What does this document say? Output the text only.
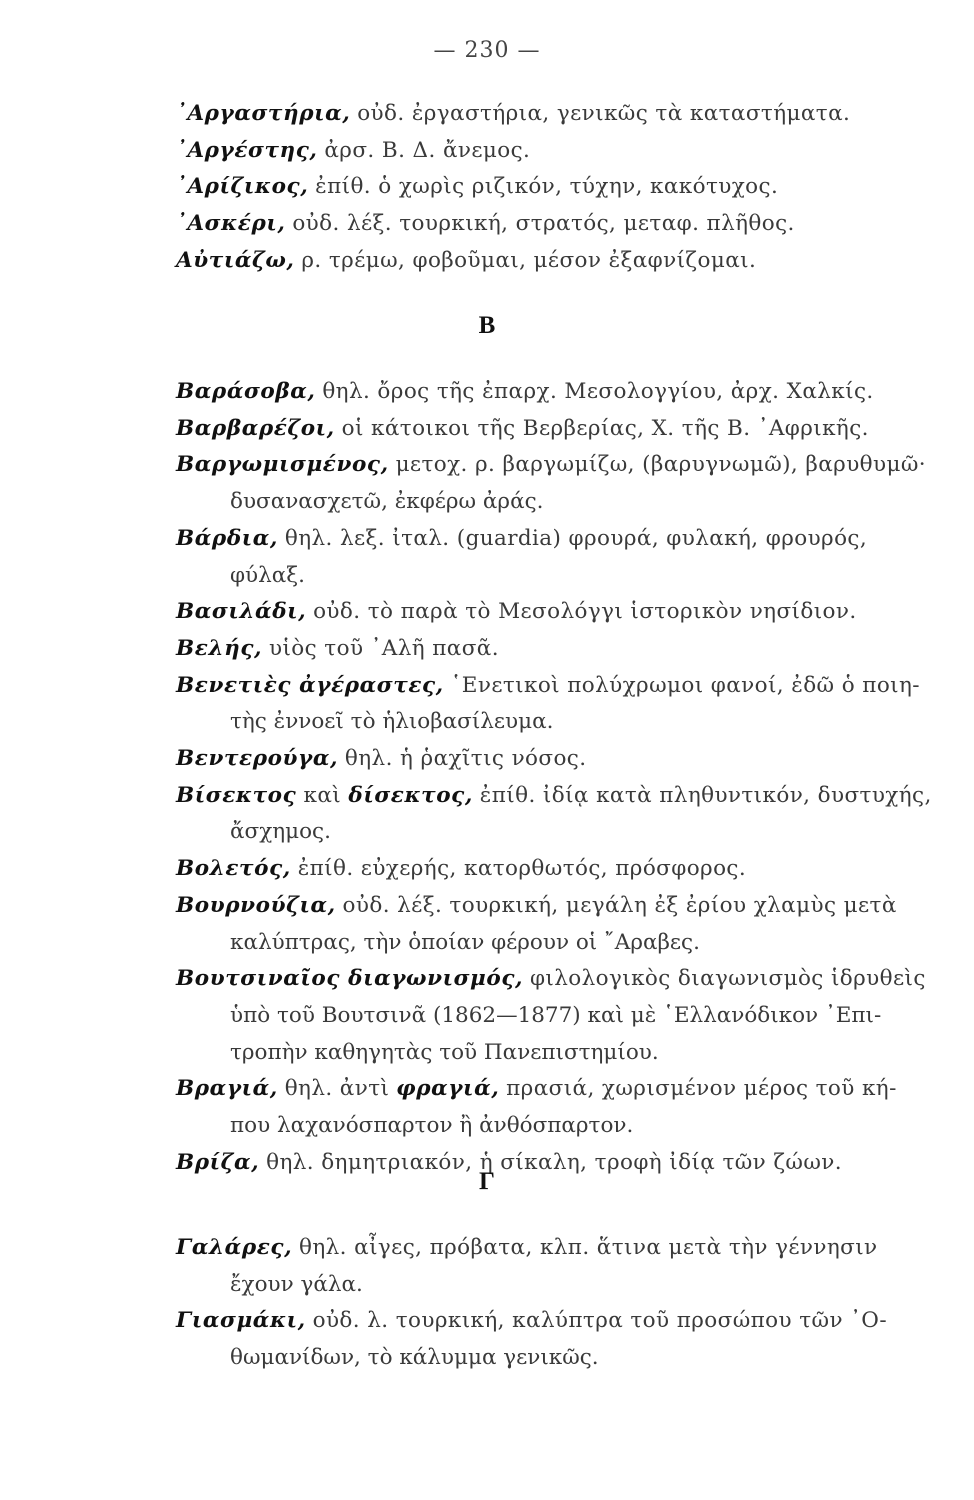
— 230 —
᾿Αργαστήρια, οὐδ. ἐργαστήρια, γενικῶς τὰ καταστήματα.
᾿Αργέστης, ἀρσ. Β. Δ. ἄνεμος.
᾿Αρίζικος, ἐπίθ. ὁ χωρὶς ριζικόν, τύχην, κακότυχος.
᾿Ασκέρι, οὐδ. λέξ. τουρκική, στρατός, μεταφ. πλῆθος.
Αὐτιάζω, ρ. τρέμω, φοβοῦμαι, μέσον ἐξαφνίζομαι.
Β
Βαράσοβα, θηλ. ὄρος τῆς ἐπαρχ. Μεσολογγίου, ἀρχ. Χαλκίς.
Βαρβαρέζοι, οἱ κάτοικοι τῆς Βερβερίας, Χ. τῆς Β. ᾿Αφρικῆς.
Βαργωμισμένος, μετοχ. ρ. βαργωμίζω, (βαρυγνωμῶ), βαρυθυμῶ·
δυσανασχετῶ, ἐκφέρω ἀράς.
Βάρδια, θηλ. λεξ. ἰταλ. (guardia) φρουρά, φυλακή, φρουρός,
φύλαξ.
Βασιλάδι, οὐδ. τὸ παρὰ τὸ Μεσολόγγι ἱστορικὸν νησίδιον.
Βελής, υἱὸς τοῦ ᾿Αλῆ πασᾶ.
Βενετιὲς ἀγέραστες, ῾Ενετικοὶ πολύχρωμοι φανοί, ἐδῶ ὁ ποιη-
τὴς ἐννοεῖ τὸ ἡλιοβασίλευμα.
Βεντερούγα, θηλ. ἡ ῥαχῖτις νόσος.
Βίσεκτος καὶ δίσεκτος, ἐπίθ. ἰδίᾳ κατὰ πληθυντικόν, δυστυχής,
ἄσχημος.
Βολετός, ἐπίθ. εὐχερής, κατορθωτός, πρόσφορος.
Βουρνούζια, οὐδ. λέξ. τουρκική, μεγάλη ἐξ ἐρίου χλαμὺς μετὰ
καλύπτρας, τὴν ὁποίαν φέρουν οἱ ῎Αραβες.
Βουτσιναῖος διαγωνισμός, φιλολογικὸς διαγωνισμὸς ἱδρυθεὶς
ὑπὸ τοῦ Βουτσινᾶ (1862—1877) καὶ μὲ ῾Ελλανόδικον ᾿Επι-
τροπὴν καθηγητὰς τοῦ Πανεπιστημίου.
Βραγιά, θηλ. ἀντὶ φραγιά, πρασιά, χωρισμένον μέρος τοῦ κή-
που λαχανόσπαρτον ἢ ἀνθόσπαρτον.
Βρίζα, θηλ. δημητριακόν, ἡ σίκαλη, τροφὴ ἰδίᾳ τῶν ζώων.
Γ
Γαλάρες, θηλ. αἶγες, πρόβατα, κλπ. ἅτινα μετὰ τὴν γέννησιν
ἔχουν γάλα.
Γιασμάκι, οὐδ. λ. τουρκική, καλύπτρα τοῦ προσώπου τῶν ᾿Ο-
θωμανίδων, τὸ κάλυμμα γενικῶς.
